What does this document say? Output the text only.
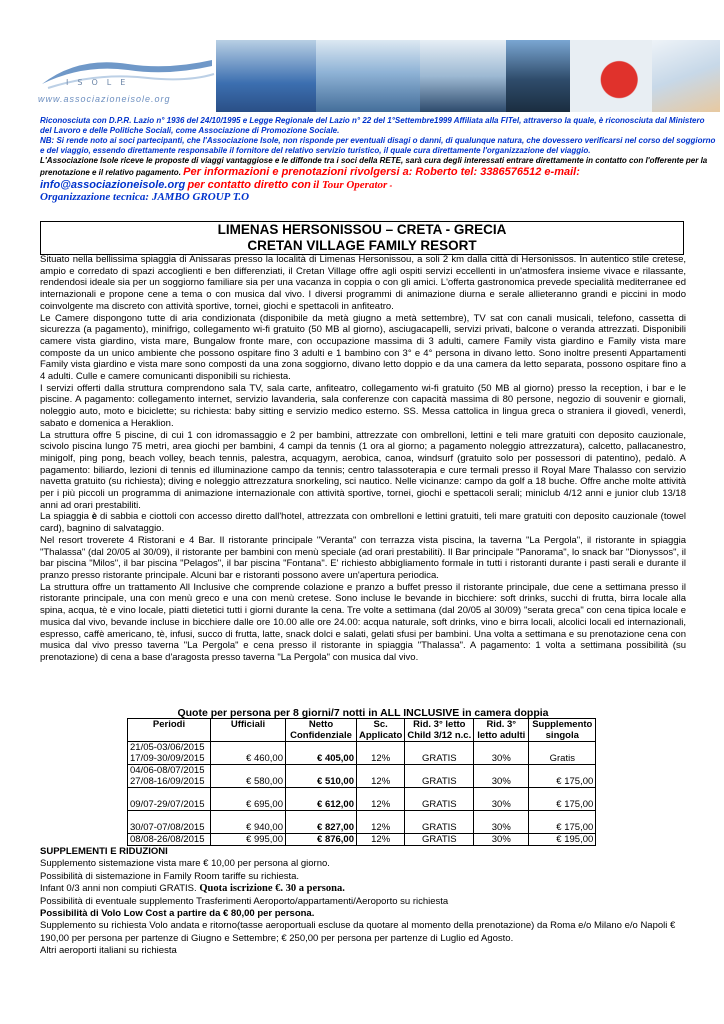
ISOLE
www.associazioneisole.org

Riconosciuta con D.P.R. Lazio n° 1936 del 24/10/1995 e Legge Regionale del Lazio n° 22 del 1°Settembre1999 Affiliata alla FITel, attraverso la quale, è riconosciuta dal Ministero del Lavoro e delle Politiche Sociali, come Associazione di Promozione Sociale.

NB: Si rende noto ai soci partecipanti, che l'Associazione Isole, non risponde per eventuali disagi o danni, di qualunque natura, che dovessero verificarsi nel corso del soggiorno e del viaggio, essendo direttamente responsabile il fornitore del relativo servizio turistico, il quale cura direttamente l'organizzazione del viaggio.

L'Associazione Isole riceve le proposte di viaggi vantaggiose e le diffonde tra i soci della RETE, sarà cura degli interessati entrare direttamente in contatto con l'offerente per la prenotazione e il relativo pagamento. Per informazioni e prenotazioni rivolgersi a: Roberto tel: 3386576512 e-mail: info@associazioneisole.org per contatto diretto con il Tour Operator -

Organizzazione tecnica: JAMBO GROUP T.O

LIMENAS HERSONISSOU – CRETA - GRECIA
CRETAN VILLAGE FAMILY RESORT

Situato nella bellissima spiaggia di Anissaras presso la località di Limenas Hersonissou, a soli 2 km dalla città di Hersonissos. In autentico stile cretese, ampio e corredato di spazi accoglienti e ben differenziati, il Cretan Village offre agli ospiti servizi eccellenti in un'atmosfera insieme vivace e rilassante, rendendosi ideale sia per un soggiorno familiare sia per una vacanza in coppia o con gli amici. L'offerta gastronomica prevede specialità mediterranee ed internazionali e propone cene a tema o con musica dal vivo. I diversi programmi di animazione diurna e serale allieteranno grandi e piccini in modo coinvolgente ma discreto con attività sportive, tornei, giochi e spettacoli in anfiteatro.

Le Camere dispongono tutte di aria condizionata (disponibile da metà giugno a metà settembre), TV sat con canali musicali, telefono, cassetta di sicurezza (a pagamento), minifrigo, collegamento wi-fi gratuito (50 MB al giorno), asciugacapelli, servizi privati, balcone o veranda attrezzati. Disponibili camere vista giardino, vista mare, Bungalow fronte mare, con occupazione massima di 3 adulti, camere Family vista giardino e Family vista mare composte da un unico ambiente che possono ospitare fino 3 adulti e 1 bambino con 3° e 4° persona in divano letto. Sono inoltre presenti Appartamenti Family vista giardino e vista mare sono composti da una zona soggiorno, divano letto doppio e da una camera da letto separata, possono ospitare fino a 4 adulti. Culle e camere comunicanti disponibili su richiesta.

I servizi offerti dalla struttura comprendono sala TV, sala carte, anfiteatro, collegamento wi-fi gratuito (50 MB al giorno) presso la reception, i bar e le piscine. A pagamento: collegamento internet, servizio lavanderia, sala conferenze con capacità massima di 80 persone, negozio di souvenir e giornali, noleggio auto, moto e biciclette; su richiesta: baby sitting e servizio medico esterno. SS. Messa cattolica in lingua greca o straniera il giovedì, venerdì, sabato e domenica a Heraklion.

La struttura offre 5 piscine, di cui 1 con idromassaggio e 2 per bambini, attrezzate con ombrelloni, lettini e teli mare gratuiti con deposito cauzionale, scivolo piscina lungo 75 metri, area giochi per bambini, 4 campi da tennis (1 ora al giorno; a pagamento noleggio attrezzatura), calcetto, pallacanestro, minigolf, ping pong, beach volley, beach tennis, palestra, acquagym, aerobica, canoa, windsurf (gratuito solo per possessori di patentino), pedalò. A pagamento: biliardo, lezioni di tennis ed illuminazione campo da tennis; centro talassoterapia e cure termali presso il Royal Mare Thalasso con servizio navetta gratuito (su richiesta); diving e noleggio attrezzatura snorkeling, sci nautico. Nelle vicinanze: campo da golf a 18 buche. Offre anche molte attività per i più piccoli un programma di animazione internazionale con attività sportive, tornei, giochi e spettacoli serali; miniclub 4/12 anni e junior club 13/18 anni ad orari prestabiliti.

La spiaggia è di sabbia e ciottoli con accesso diretto dall'hotel, attrezzata con ombrelloni e lettini gratuiti, teli mare gratuiti con deposito cauzionale (towel card), bagnino di salvataggio.

Nel resort troverete 4 Ristorani e 4 Bar. Il ristorante principale "Veranta" con terrazza vista piscina, la taverna "La Pergola", il ristorante in spiaggia "Thalassa" (dal 20/05 al 30/09), il ristorante per bambini con menù speciale (ad orari prestabiliti). Il Bar principale "Panorama", lo snack bar "Dionyssos", il bar piscina "Milos", il bar piscina "Pelagos", il bar piscina "Fontana". E' richiesto abbigliamento formale in tutti i ristoranti durante i pasti serali e durante il pranzo presso ristorante principale. Alcuni bar e ristoranti possono avere un'apertura periodica.

La struttura offre un trattamento All Inclusive che comprende colazione e pranzo a buffet presso il ristorante principale, due cene a settimana presso il ristorante principale, una con menù greco e una con menù cretese. Sono incluse le bevande in bicchiere: soft drinks, succhi di frutta, birra locale alla spina, acqua, tè e vino locale, piatti dietetici tutti i giorni durante la cena. Tre volte a settimana (dal 20/05 al 30/09) "serata greca" con cena tipica locale e musica dal vivo, bevande incluse in bicchiere dalle ore 10.00 alle ore 24.00: acqua naturale, soft drinks, vino e birra locali, alcolici locali ed internazionali, espresso, caffè americano, tè, infusi, succo di frutta, latte, snack dolci e salati, gelati sfusi per bambini. Una volta a settimana e su prenotazione cena con musica dal vivo presso taverna "La Pergola" e cena presso il ristorante in spiaggia "Thalassa". A pagamento: 1 volta a settimana possibilità (su prenotazione) di cena a base d'aragosta presso taverna "La Pergola" con musica dal vivo.

Quote per persona per 8 giorni/7 notti in ALL INCLUSIVE in camera doppia
Periodi	Ufficiali	Netto Confidenziale	Sc. Applicato	Rid. 3° letto Child 3/12 n.c.	Rid. 3° letto adulti	Supplemento singola

21/05-03/06/2015
17/09-30/09/2015	€ 460,00	€ 405,00	12%	GRATIS	30%	Gratis

04/06-08/07/2015
27/08-16/09/2015	€ 580,00	€ 510,00	12%	GRATIS	30%	€ 175,00

09/07-29/07/2015	€ 695,00	€ 612,00	12%	GRATIS	30%	€ 175,00

30/07-07/08/2015	€ 940,00	€ 827,00	12%	GRATIS	30%	€ 175,00

08/08-26/08/2015	€ 995,00	€ 876,00	12%	GRATIS	30%	€ 195,00

SUPPLEMENTI E RIDUZIONI

Supplemento sistemazione vista mare € 10,00 per persona al giorno.

Possibilità di sistemazione in Family Room tariffe su richiesta.

Infant 0/3 anni non compiuti GRATIS. Quota iscrizione €. 30 a persona.

Possibilità di eventuale supplemento Trasferimenti Aeroporto/appartamenti/Aeroporto su richiesta

Possibilità di Volo Low Cost a partire da € 80,00 per persona.

Supplemento su richiesta Volo andata e ritorno(tasse aeroportuali escluse da quotare al momento della prenotazione) da Roma e/o Milano e/o Napoli € 190,00 per persona per partenze di Giugno e Settembre; € 250,00 per persona per partenze di Luglio ed Agosto.

Altri aeroporti italiani su richiesta
